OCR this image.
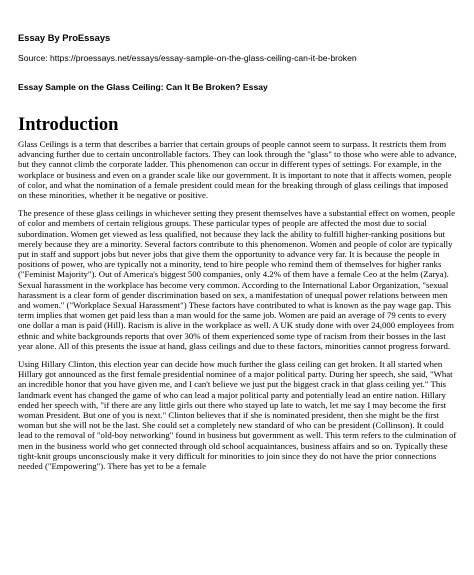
Essay By ProEssays
Source: https://proessays.net/essays/essay-sample-on-the-glass-ceiling-can-it-be-broken
Essay Sample on the Glass Ceiling: Can It Be Broken? Essay
Introduction

Glass Ceilings is a term that describes a barrier that certain groups of people cannot seem to surpass. It restricts them from advancing further due to certain uncontrollable factors. They can look through the "glass" to those who were able to advance, but they cannot climb the corporate ladder. This phenomenon can occur in different types of settings. For example, in the workplace or business and even on a grander scale like our government. It is important to note that it affects women, people of color, and what the nomination of a female president could mean for the breaking through of glass ceilings that imposed on these minorities, whether it be negative or positive.

The presence of these glass ceilings in whichever setting they present themselves have a substantial effect on women, people of color and members of certain religious groups. These particular types of people are affected the most due to social subordination. Women get viewed as less qualified, not because they lack the ability to fulfill higher-ranking positions but merely because they are a minority. Several factors contribute to this phenomenon. Women and people of color are typically put in staff and support jobs but never jobs that give them the opportunity to advance very far. It is because the people in positions of power, who are typically not a minority, tend to hire people who remind them of themselves for higher ranks ("Feminist Majority"). Out of America's biggest 500 companies, only 4.2% of them have a female Ceo at the helm (Zarya). Sexual harassment in the workplace has become very common. According to the International Labor Organization, "sexual harassment is a clear form of gender discrimination based on sex, a manifestation of unequal power relations between men and women." ("Workplace Sexual Harassment") These factors have contributed to what is known as the pay wage gap. This term implies that women get paid less than a man would for the same job. Women are paid an average of 79 cents to every one dollar a man is paid (Hill). Racism is alive in the workplace as well. A UK study done with over 24,000 employees from ethnic and white backgrounds reports that over 30% of them experienced some type of racism from their bosses in the last year alone. All of this presents the issue at hand, glass ceilings and due to these factors, minorities cannot progress forward.

Using Hillary Clinton, this election year can decide how much further the glass ceiling can get broken. It all started when Hillary got announced as the first female presidential nominee of a major political party. During her speech, she said, "What an incredible honor that you have given me, and I can't believe we just put the biggest crack in that glass ceiling yet." This landmark event has changed the game of who can lead a major political party and potentially lead an entire nation. Hillary ended her speech with, "if there are any little girls out there who stayed up late to watch, let me say I may become the first woman President. But one of you is next." Clinton believes that if she is nominated president, then she might be the first woman but she will not be the last. She could set a completely new standard of who can be president (Collinson). It could lead to the removal of "old-boy networking" found in business but government as well. This term refers to the culmination of men in the business world who get connected through old school acquaintances, business affairs and so on. Typically these tight-knit groups unconsciously make it very difficult for minorities to join since they do not have the prior connections needed ("Empowering"). There has yet to be a female
